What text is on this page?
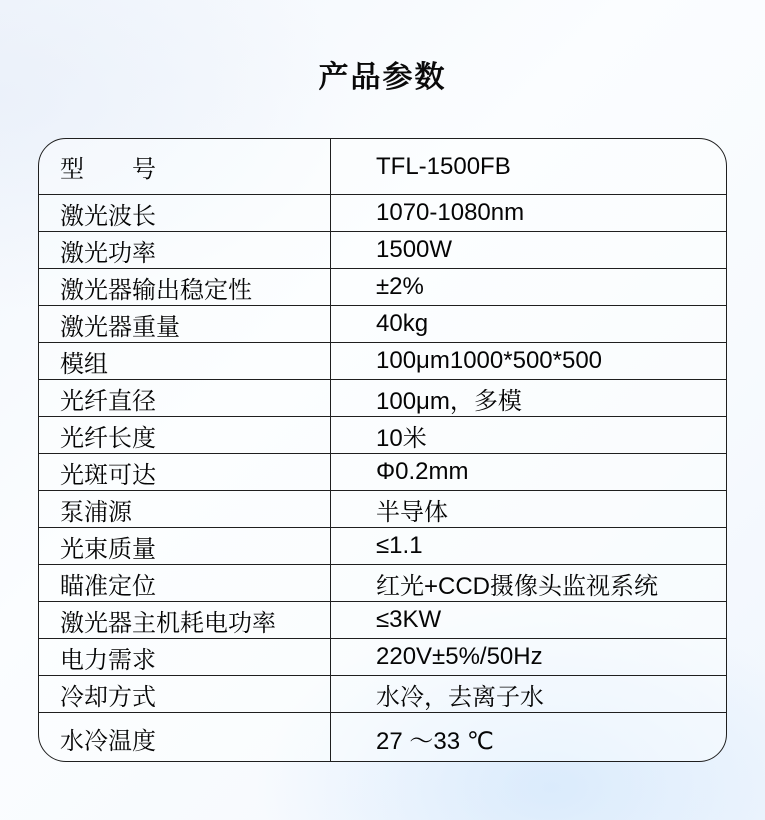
产品参数
型　　号	TFL-1500FB
激光波长	1070-1080nm
激光功率	1500W
激光器输出稳定性	±2%
激光器重量	40kg
模组	100μm1000*500*500
光纤直径	100μm，多模
光纤长度	10米
光斑可达	Φ0.2mm
泵浦源	半导体
光束质量	≤1.1
瞄准定位	红光+CCD摄像头监视系统
激光器主机耗电功率	≤3KW
电力需求	220V±5%/50Hz
冷却方式	水冷，去离子水
水冷温度	27 ～33 ℃
